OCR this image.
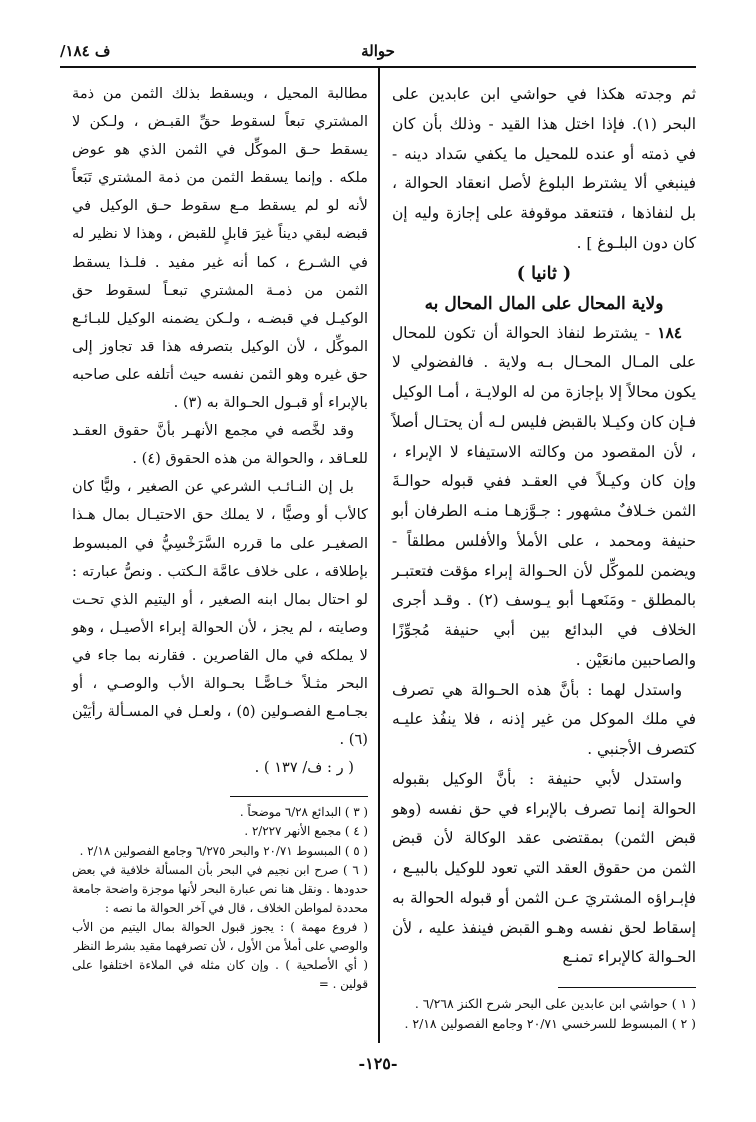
حوالة
ف ١٨٤/

ثم وجدته هكذا في حواشي ابن عابدين على البحر (١). فإذا اختل هذا القيد - وذلك بأن كان في ذمته أو عنده للمحيل ما يكفي سَداد دينه - فينبغي ألا يشترط البلوغ لأصل انعقاد الحوالة ، بل لنفاذها ، فتنعقد موقوفة على إجازة وليه إن كان دون البلـوغ ] .

( ثانيا )

ولاية المحال على المال المحال به

١٨٤ - يشترط لنفاذ الحوالة أن تكون للمحال على المـال المحـال بـه ولاية . فالفضولي لا يكون محالاً إلا بإجازة من له الولايـة ، أمـا الوكيل فـإن كان وكيـلا بالقبض فليس لـه أن يحتـال أصلاً ، لأن المقصود من وكالته الاستيفاء لا الإبراء ، وإن كان وكيـلاً في العقـد ففي قبوله حوالـةَ الثمن خـلافٌ مشهور : جـوَّزهـا منـه الطرفان أبو حنيفة ومحمد ، على الأملأ والأفلس مطلقاً - ويضمن للموكِّل لأن الحـوالة إبراء مؤقت فتعتبـر بالمطلق - ومَنَعهـا أبو يـوسف (٢) . وقـد أجرى الخلاف في البدائع بين أبي حنيفة مُجوِّزًا والصاحبين مانعَيْن .

واستدل لهما : بأنَّ هذه الحـوالة هي تصرف في ملك الموكل من غير إذنه ، فلا ينفُذ عليـه كتصرف الأجنبي .

واستدل لأبي حنيفة : بأنَّ الوكيل بقبوله الحوالة إنما تصرف بالإبراء في حق نفسه (وهو قبض الثمن) بمقتضى عقد الوكالة لأن قبض الثمن من حقوق العقد التي تعود للوكيل بالبيـع ، فإبـراؤه المشتريَ عـن الثمن أو قبوله الحوالة به إسقاط لحق نفسه وهـو القبض فينفذ عليه ، لأن الحـوالة كالإبراء تمنـع

( ١ ) حواشي ابن عابدين على البحر شرح الكنز ٦/٢٦٨ .

( ٢ ) المبسوط للسرخسي ٢٠/٧١ وجامع الفصولين ٢/١٨ .

مطالبة المحيل ، ويسقط بذلك الثمن من ذمة المشتري تبعاً لسقوط حقِّ القبـض ، ولـكن لا يسقط حـق الموكِّل في الثمن الذي هو عوض ملكه . وإنما يسقط الثمن من ذمة المشتري تَبَعاً لأنه لو لم يسقط مـع سقوط حـق الوكيل في قبضه لبقي ديناً غيرَ قابلٍ للقبض ، وهذا لا نظير له في الشـرع ، كما أنه غير مفيد . فلـذا يسقط الثمن من ذمـة المشتري تبعـاً لسقوط حق الوكيـل في قبضـه ، ولـكن يضمنه الوكيل للبـائـع الموكِّل ، لأن الوكيل بتصرفه هذا قد تجاوز إلى حق غيره وهو الثمن نفسه حيث أتلفه على صاحبه بالإبراء أو قبـول الحـوالة به (٣) .

وقد لخَّصه في مجمع الأنهـر بأنَّ حقوق العقـد للعـاقد ، والحوالة من هذه الحقوق (٤) .

بل إن النـائـب الشرعي عن الصغير ، وليًّا كان كالأب أو وصيًّا ، لا يملك حق الاحتيـال بمال هـذا الصغيـر على ما قرره السَّرَخْسِيُّ في المبسوط بإطلاقه ، على خلاف عامَّة الـكتب . ونصُّ عبارته : لو احتال بمال ابنه الصغير ، أو اليتيم الذي تحـت وصايته ، لم يجز ، لأن الحوالة إبراء الأصيـل ، وهو لا يملكه في مال القاصرين . فقارنه بما جاء في البحر مثـلاً خـاصًّـا بحـوالة الأب والوصـي ، أو بجـامـع الفصـولين (٥) ، ولعـل في المسـألة رأيَيْن (٦) .

( ر : ف/ ١٣٧ ) .

( ٣ ) البدائع ٦/٢٨ موضحاً .

( ٤ ) مجمع الأنهر ٢/٢٢٧ .

( ٥ ) المبسوط ٢٠/٧١ والبحر ٦/٢٧٥ وجامع الفصولين ٢/١٨ .

( ٦ ) صرح ابن نجيم في البحر بأن المسألة خلافية في بعض حدودها . ونقل هنا نص عبارة البحر لأنها موجزة واضحة جامعة محددة لمواطن الخلاف ، قال في آخر الحوالة ما نصه :

( فروع مهمة ) : يجوز قبول الحوالة بمال اليتيم من الأب والوصي على أملأ من الأول ، لأن تصرفهما مقيد بشرط النظر

( أي الأصلحية ) . وإن كان مثله في الملاءة اختلفوا على قولين . =

-١٢٥-
